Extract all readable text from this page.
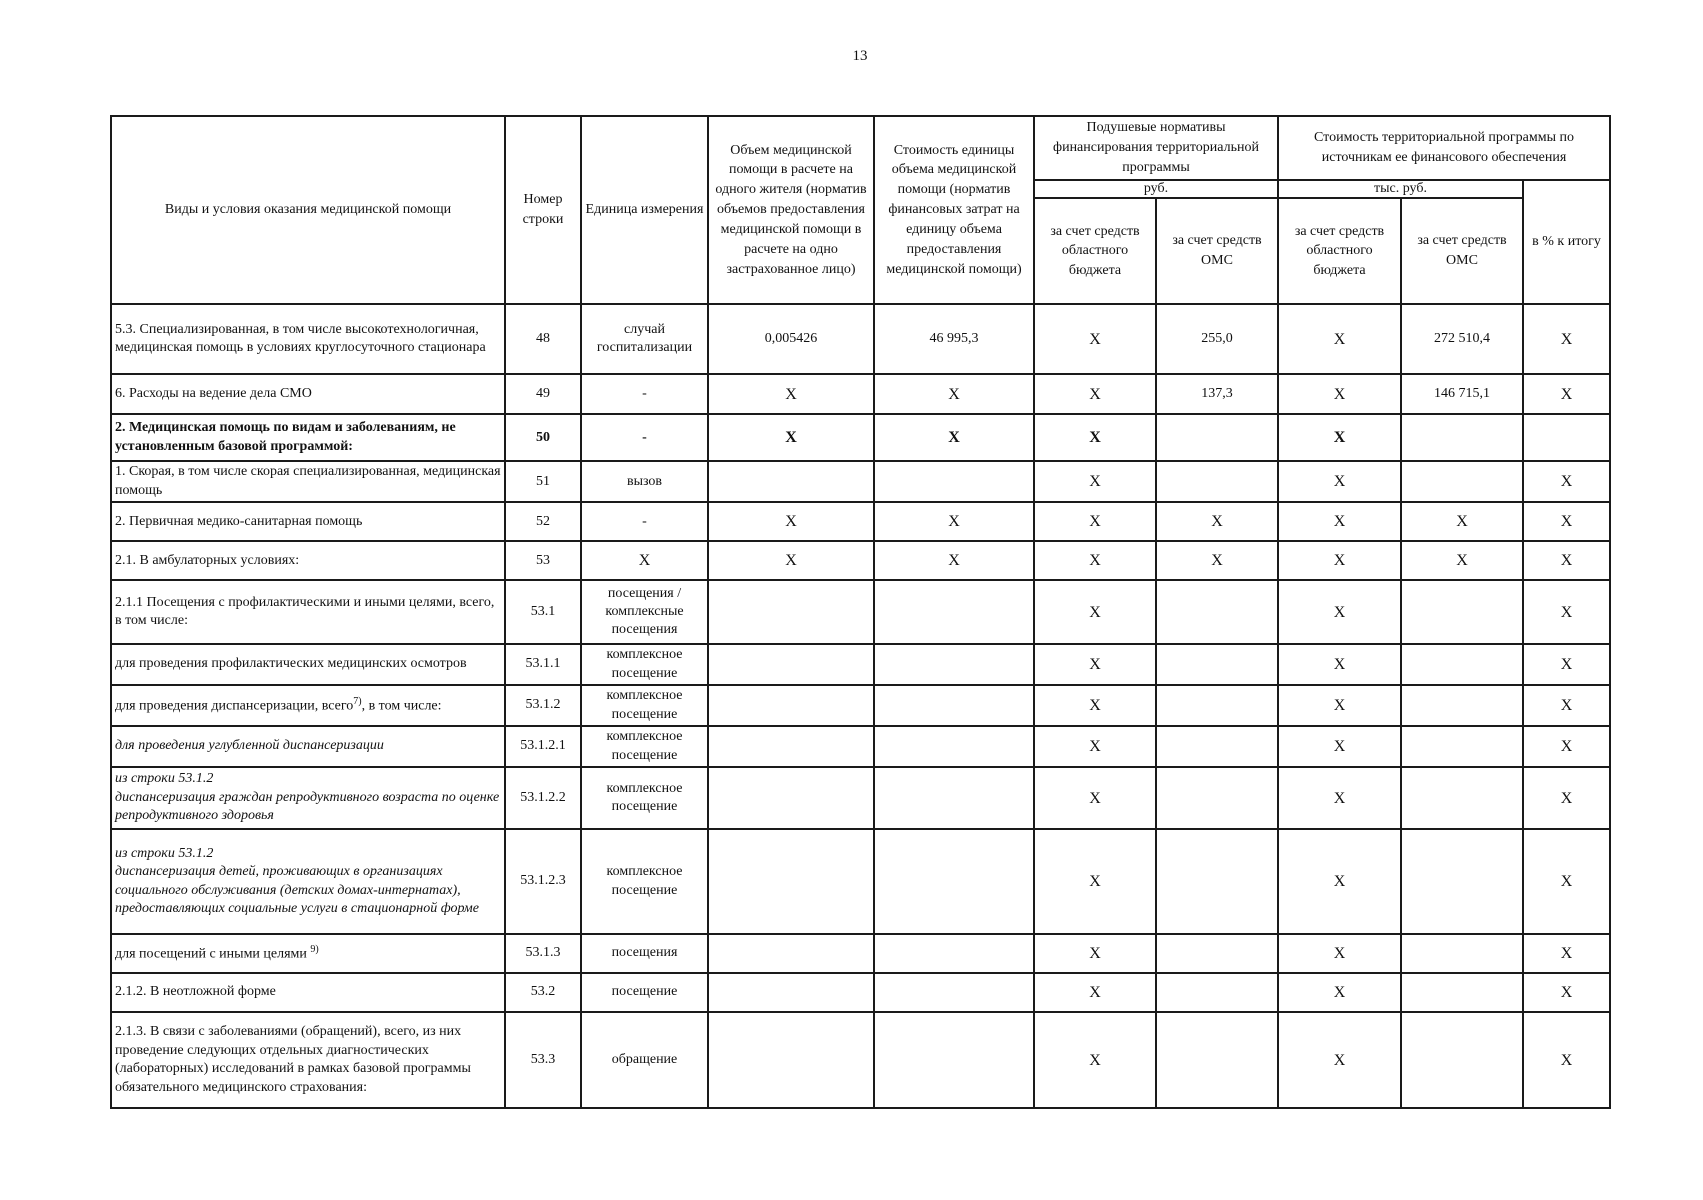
13
Виды и условия оказания медицинской помощи	Номер строки	Единица измерения	Объем медицинской помощи в расчете на одного жителя (норматив объемов предоставления медицинской помощи в расчете на одно застрахованное лицо)	Стоимость единицы объема медицинской помощи (норматив финансовых затрат на единицу объема предоставления медицинской помощи)	Подушевые нормативы финансирования территориальной программы		Стоимость территориальной программы по источникам ее финансового обеспечения		
					руб.		тыс. руб.		в % к итогу
					за счет средств областного бюджета	за счет средств ОМС	за счет средств областного бюджета	за счет средств ОМС	
5.3. Специализированная, в том числе высокотехнологичная, медицинская помощь в условиях круглосуточного стационара	48	случай госпитализации	0,005426	46 995,3	X	255,0	X	272 510,4	X
6. Расходы на ведение дела СМО	49	-	X	X	X	137,3	X	146 715,1	X
2. Медицинская помощь по видам и заболеваниям, не установленным базовой программой:	50	-	X	X	X		X		
1. Скорая, в том числе скорая специализированная, медицинская помощь	51	вызов			X		X		X
2. Первичная медико-санитарная помощь	52	-	X	X	X	X	X	X	X
2.1. В амбулаторных условиях:	53	X	X	X	X	X	X	X	X
2.1.1 Посещения с профилактическими и иными целями, всего, в том числе:	53.1	посещения / комплексные посещения			X		X		X
для проведения профилактических медицинских осмотров	53.1.1	комплексное посещение			X		X		X
для проведения диспансеризации, всего$^{7)}$, в том числе:	53.1.2	комплексное посещение			X		X		X
для проведения углубленной диспансеризации	53.1.2.1	комплексное посещение			X		X		X

из строки 53.1.2
диспансеризация граждан репродуктивного возраста по оценке репродуктивного здоровья	53.1.2.2	комплексное посещение			X		X		X

из строки 53.1.2
диспансеризация детей, проживающих в организациях социального обслуживания (детских домах-интернатах), предоставляющих социальные услуги в стационарной форме	53.1.2.3	комплексное посещение			X		X		X
для посещений с иными целями $^{9)}$	53.1.3	посещения			X		X		X
2.1.2. В неотложной форме	53.2	посещение			X		X		X
2.1.3. В связи с заболеваниями (обращений), всего, из них проведение следующих отдельных диагностических (лабораторных) исследований в рамках базовой программы обязательного медицинского страхования:	53.3	обращение			X		X		X
